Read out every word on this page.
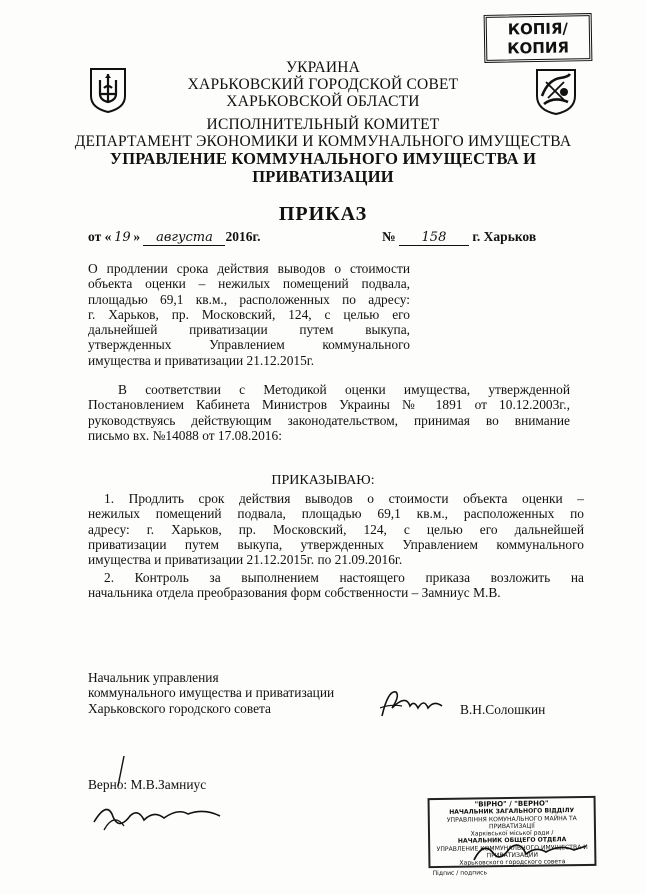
КОПІЯ/
КОПИЯ
УКРАИНА
ХАРЬКОВСКИЙ ГОРОДСКОЙ СОВЕТ
ХАРЬКОВСКОЙ ОБЛАСТИ
ИСПОЛНИТЕЛЬНЫЙ КОМИТЕТ
ДЕПАРТАМЕНТ ЭКОНОМИКИ И КОММУНАЛЬНОГО ИМУЩЕСТВА
УПРАВЛЕНИЕ КОММУНАЛЬНОГО ИМУЩЕСТВА И
ПРИВАТИЗАЦИИ
ПРИКАЗ
от « 19 » августа 2016г.	№ 158 г. Харьков
О продлении срока действия выводов о стоимости
объекта оценки – нежилых помещений подвала,
площадью 69,1 кв.м., расположенных по адресу:
г. Харьков, пр. Московский, 124, с целью его
дальнейшей приватизации путем выкупа,
утвержденных Управлением коммунального
имущества и приватизации 21.12.2015г.
В соответствии с Методикой оценки имущества, утвержденной
Постановлением Кабинета Министров Украины № 1891 от 10.12.2003г.,
руководствуясь действующим законодательством, принимая во внимание
письмо вх. №14088 от 17.08.2016:
ПРИКАЗЫВАЮ:
1. Продлить срок действия выводов о стоимости объекта оценки –
нежилых помещений подвала, площадью 69,1 кв.м., расположенных по
адресу: г. Харьков, пр. Московский, 124, с целью его дальнейшей
приватизации путем выкупа, утвержденных Управлением коммунального
имущества и приватизации 21.12.2015г. по 21.09.2016г.
2. Контроль за выполнением настоящего приказа возложить на
начальника отдела преобразования форм собственности – Замниус М.В.
Начальник управления
коммунального имущества и приватизации
Харьковского городского совета	В.Н.Солошкин
Верно: М.В.Замниус
"ВІРНО" / "ВЕРНО"
НАЧАЛЬНИК ЗАГАЛЬНОГО ВІДДІЛУ
УПРАВЛІННЯ КОМУНАЛЬНОГО МАЙНА ТА ПРИВАТИЗАЦІЇ
Харківської міської ради /
НАЧАЛЬНИК ОБЩЕГО ОТДЕЛА
УПРАВЛЕНИЕ КОММУНАЛЬНОГО ИМУЩЕСТВА И ПРИВАТИЗАЦИИ
Харьковского городского совета
Підпис / подпись
